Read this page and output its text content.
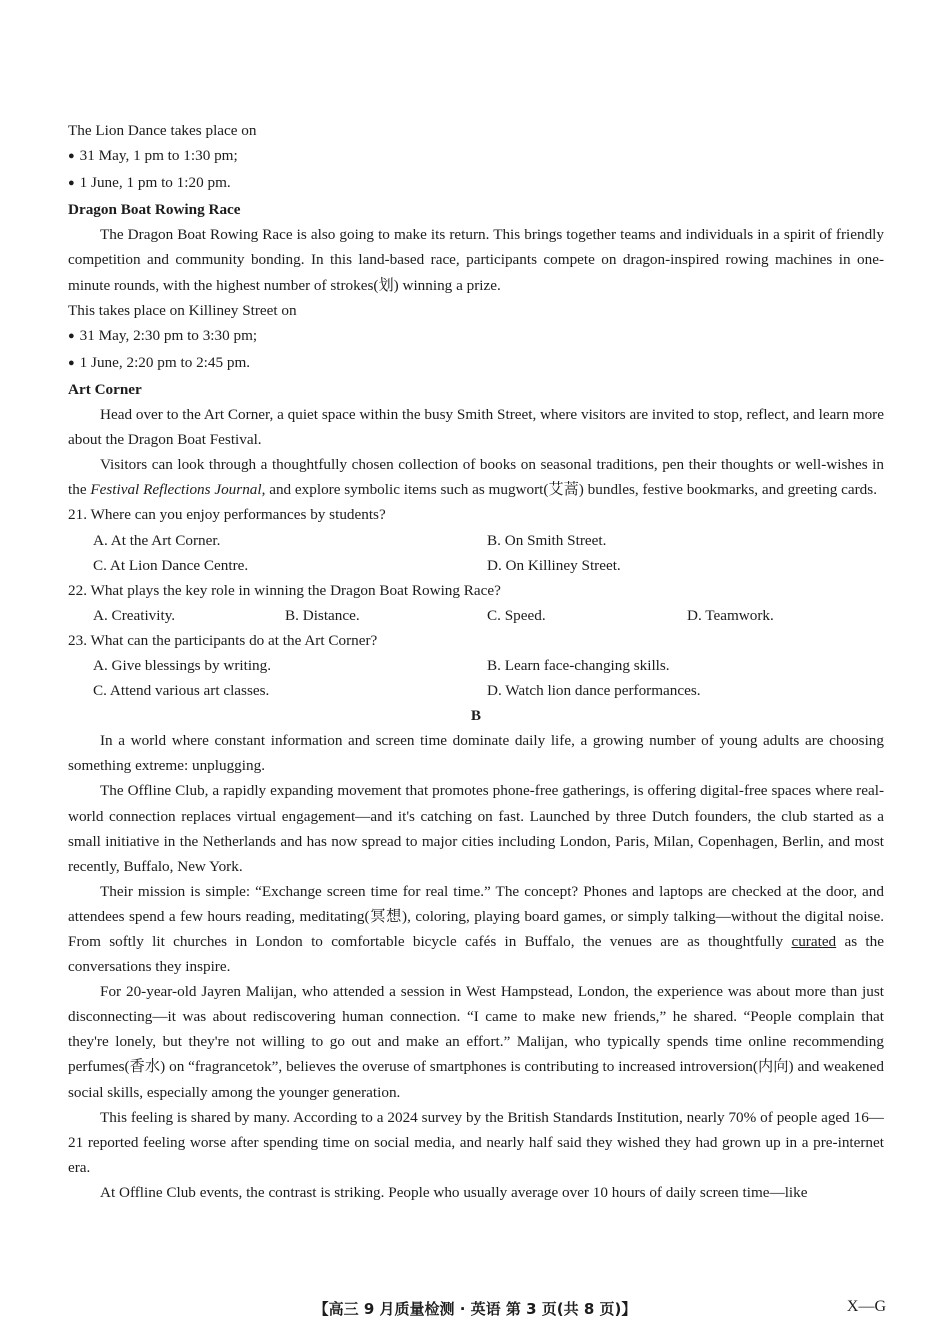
The Lion Dance takes place on

● 31 May, 1 pm to 1:30 pm;

● 1 June, 1 pm to 1:20 pm.

Dragon Boat Rowing Race

The Dragon Boat Rowing Race is also going to make its return. This brings together teams and individuals in a spirit of friendly competition and community bonding. In this land-based race, participants compete on dragon-inspired rowing machines in one-minute rounds, with the highest number of strokes(划) winning a prize.

This takes place on Killiney Street on

● 31 May, 2:30 pm to 3:30 pm;

● 1 June, 2:20 pm to 2:45 pm.

Art Corner

Head over to the Art Corner, a quiet space within the busy Smith Street, where visitors are invited to stop, reflect, and learn more about the Dragon Boat Festival.

Visitors can look through a thoughtfully chosen collection of books on seasonal traditions, pen their thoughts or well-wishes in the Festival Reflections Journal, and explore symbolic items such as mugwort(艾蒿) bundles, festive bookmarks, and greeting cards.

21. Where can you enjoy performances by students?

A. At the Art Corner.	B. On Smith Street.
C. At Lion Dance Centre.	D. On Killiney Street.

22. What plays the key role in winning the Dragon Boat Rowing Race?

A. Creativity.	B. Distance.	C. Speed.	D. Teamwork.

23. What can the participants do at the Art Corner?

A. Give blessings by writing.	B. Learn face-changing skills.
C. Attend various art classes.	D. Watch lion dance performances.

B

In a world where constant information and screen time dominate daily life, a growing number of young adults are choosing something extreme: unplugging.

The Offline Club, a rapidly expanding movement that promotes phone-free gatherings, is offering digital-free spaces where real-world connection replaces virtual engagement—and it's catching on fast. Launched by three Dutch founders, the club started as a small initiative in the Netherlands and has now spread to major cities including London, Paris, Milan, Copenhagen, Berlin, and most recently, Buffalo, New York.

Their mission is simple: “Exchange screen time for real time.” The concept? Phones and laptops are checked at the door, and attendees spend a few hours reading, meditating(冥想), coloring, playing board games, or simply talking—without the digital noise. From softly lit churches in London to comfortable bicycle cafés in Buffalo, the venues are as thoughtfully curated as the conversations they inspire.

For 20-year-old Jayren Malijan, who attended a session in West Hampstead, London, the experience was about more than just disconnecting—it was about rediscovering human connection. “I came to make new friends,” he shared. “People complain that they're lonely, but they're not willing to go out and make an effort.” Malijan, who typically spends time online recommending perfumes(香水) on “fragrancetok”, believes the overuse of smartphones is contributing to increased introversion(内向) and weakened social skills, especially among the younger generation.

This feeling is shared by many. According to a 2024 survey by the British Standards Institution, nearly 70% of people aged 16—21 reported feeling worse after spending time on social media, and nearly half said they wished they had grown up in a pre-internet era.

At Offline Club events, the contrast is striking. People who usually average over 10 hours of daily screen time—like

【高三 9 月质量检测 · 英语 第 3 页(共 8 页)】	X—G
